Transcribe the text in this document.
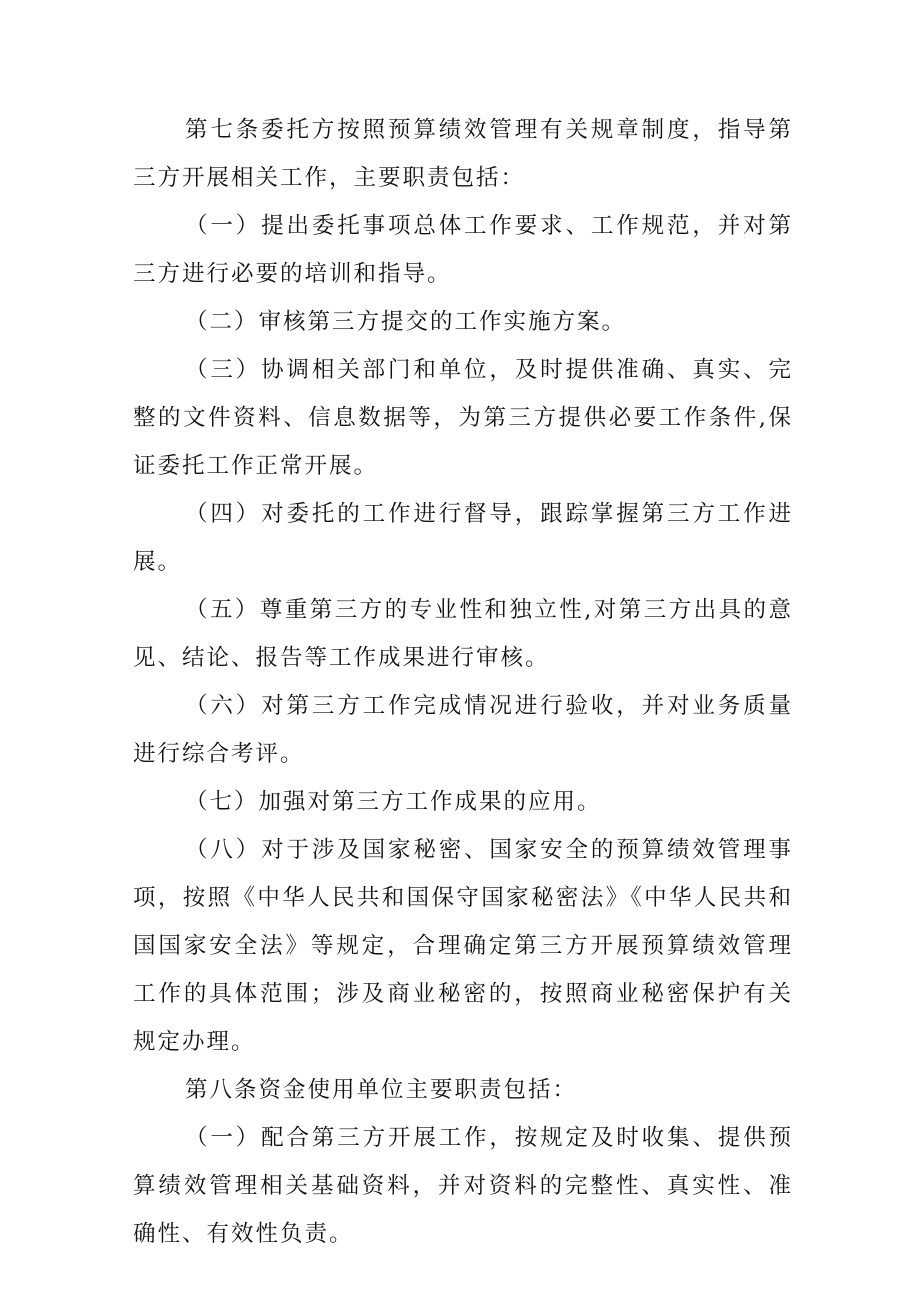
第七条委托方按照预算绩效管理有关规章制度，指导第三方开展相关工作，主要职责包括：

（一）提出委托事项总体工作要求、工作规范，并对第三方进行必要的培训和指导。

（二）审核第三方提交的工作实施方案。

（三）协调相关部门和单位，及时提供准确、真实、完整的文件资料、信息数据等，为第三方提供必要工作条件,保证委托工作正常开展。

（四）对委托的工作进行督导，跟踪掌握第三方工作进展。

（五）尊重第三方的专业性和独立性,对第三方出具的意见、结论、报告等工作成果进行审核。

（六）对第三方工作完成情况进行验收，并对业务质量进行综合考评。

（七）加强对第三方工作成果的应用。

（八）对于涉及国家秘密、国家安全的预算绩效管理事项，按照《中华人民共和国保守国家秘密法》《中华人民共和国国家安全法》等规定，合理确定第三方开展预算绩效管理工作的具体范围；涉及商业秘密的，按照商业秘密保护有关规定办理。

第八条资金使用单位主要职责包括：

（一）配合第三方开展工作，按规定及时收集、提供预算绩效管理相关基础资料，并对资料的完整性、真实性、准确性、有效性负责。
